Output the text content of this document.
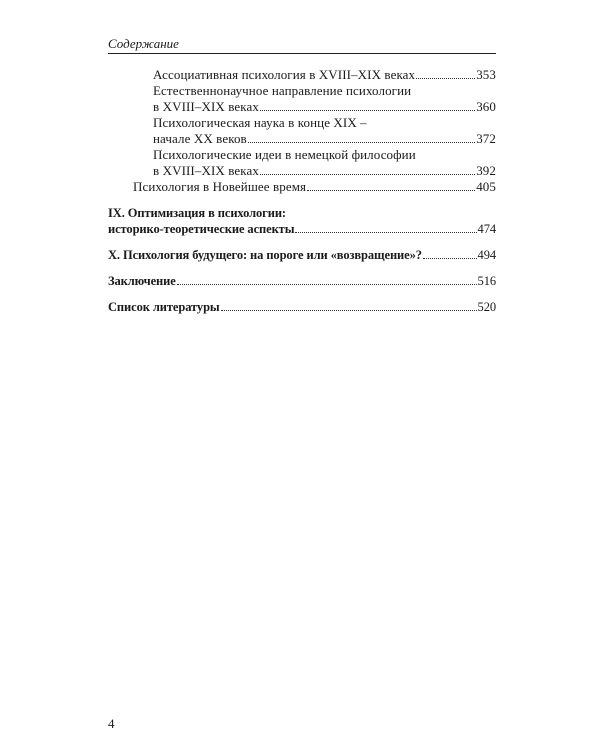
Содержание
Ассоциативная психология в XVIII–XIX веках	353
Естественнонаучное направление психологии
в XVIII–XIX веках	360
Психологическая наука в конце XIX –
начале XX веков	372
Психологические идеи в немецкой философии
в XVIII–XIX веках	392
Психология в Новейшее время	405
IX. Оптимизация в психологии:
историко-теоретические аспекты	474
X. Психология будущего: на пороге или «возвращение»?	494
Заключение	516
Список литературы	520
4
